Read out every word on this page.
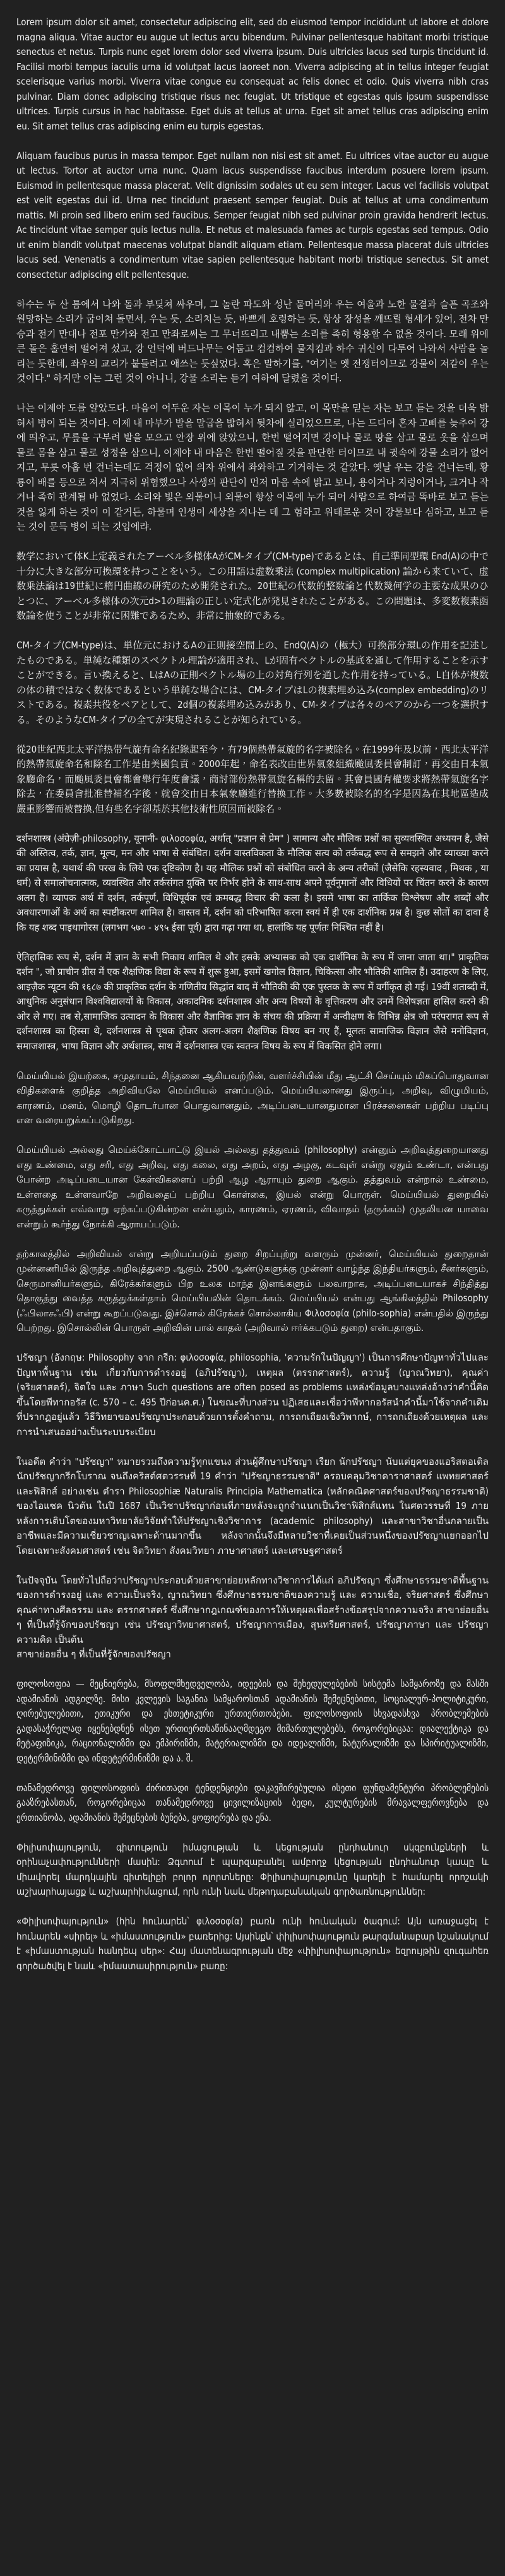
Lorem ipsum dolor sit amet, consectetur adipiscing elit, sed do eiusmod tempor incididunt ut labore et dolore magna aliqua. Vitae auctor eu augue ut lectus arcu bibendum. Pulvinar pellentesque habitant morbi tristique senectus et netus. Turpis nunc eget lorem dolor sed viverra ipsum. Duis ultricies lacus sed turpis tincidunt id. Facilisi morbi tempus iaculis urna id volutpat lacus laoreet non. Viverra adipiscing at in tellus integer feugiat scelerisque varius morbi. Viverra vitae congue eu consequat ac felis donec et odio. Quis viverra nibh cras pulvinar. Diam donec adipiscing tristique risus nec feugiat. Ut tristique et egestas quis ipsum suspendisse ultrices. Turpis cursus in hac habitasse. Eget duis at tellus at urna. Eget sit amet tellus cras adipiscing enim eu. Sit amet tellus cras adipiscing enim eu turpis egestas.

Aliquam faucibus purus in massa tempor. Eget nullam non nisi est sit amet. Eu ultrices vitae auctor eu augue ut lectus. Tortor at auctor urna nunc. Quam lacus suspendisse faucibus interdum posuere lorem ipsum. Euismod in pellentesque massa placerat. Velit dignissim sodales ut eu sem integer. Lacus vel facilisis volutpat est velit egestas dui id. Urna nec tincidunt praesent semper feugiat. Duis at tellus at urna condimentum mattis. Mi proin sed libero enim sed faucibus. Semper feugiat nibh sed pulvinar proin gravida hendrerit lectus. Ac tincidunt vitae semper quis lectus nulla. Et netus et malesuada fames ac turpis egestas sed tempus. Odio ut enim blandit volutpat maecenas volutpat blandit aliquam etiam. Pellentesque massa placerat duis ultricies lacus sed. Venenatis a condimentum vitae sapien pellentesque habitant morbi tristique senectus. Sit amet consectetur adipiscing elit pellentesque.

하수는 두 산 틈에서 나와 돌과 부딪쳐 싸우며, 그 놀란 파도와 성난 물머리와 우는 여울과 노한 물결과 슬픈 곡조와 원망하는 소리가 굽이쳐 돌면서, 우는 듯, 소리치는 듯, 바쁘게 호령하는 듯, 항상 장성을 깨뜨릴 형세가 있어, 전차 만승과 전기 만대나 전포 만가와 전고 만좌로써는 그 무너뜨리고 내뿜는 소리를 족히 형용할 수 없을 것이다. 모래 위에 큰 돌은 홀연히 떨어져 섰고, 강 언덕에 버드나무는 어둡고 컴컴하여 물지킴과 하수 귀신이 다투어 나와서 사람을 놀리는 듯한데, 좌우의 교리가 붙들려고 애쓰는 듯싶었다. 혹은 말하기를, "여기는 옛 전쟁터이므로 강물이 저같이 우는 것이다." 하지만 이는 그런 것이 아니니, 강물 소리는 듣기 여하에 달렸을 것이다.

나는 이제야 도를 알았도다. 마음이 어두운 자는 이목이 누가 되지 않고, 이 목만을 믿는 자는 보고 듣는 것을 더욱 밝혀서 병이 되는 것이다. 이제 내 마부가 발을 말굽을 밟혀서 뒷차에 실리었으므로, 나는 드디어 혼자 고삐를 늦추어 강에 띄우고, 무릎을 구부려 발을 모으고 안장 위에 앉았으니, 한번 떨어지면 강이나 물로 땅을 삼고 물로 옷을 삼으며 물로 몸을 삼고 물로 성정을 삼으니, 이제야 내 마음은 한번 떨어질 것을 판단한 터이므로 내 귓속에 강물 소리가 없어지고, 무릇 아홉 번 건너는데도 걱정이 없어 의자 위에서 좌와하고 기거하는 것 같았다. 옛날 우는 강을 건너는데, 황룡이 배를 등으로 져서 지극히 위험했으나 사생의 판단이 먼저 마음 속에 밝고 보니, 용이거나 지렁이거나, 크거나 작거나 족히 관계될 바 없었다. 소리와 빛은 외물이니 외물이 항상 이목에 누가 되어 사람으로 하여금 똑바로 보고 듣는 것을 잃게 하는 것이 이 같거든, 하물며 인생이 세상을 지나는 데 그 험하고 위태로운 것이 강물보다 심하고, 보고 듣는 것이 문득 병이 되는 것임에랴.

数学において体K上定義されたアーベル多様体AがCM-タイプ(CM-type)であるとは、自己準同型環 End(A)の中で十分に大きな部分可換環を持つことをいう。この用語は虚数乗法 (complex multiplication) 論から来ていて、虚数乗法論は19世紀に楕円曲線の研究のため開発された。20世紀の代数的整数論と代数幾何学の主要な成果のひとつに、アーベル多様体の次元d>1の理論の正しい定式化が発見されたことがある。この問題は、多変数複素函数論を使うことが非常に困難であるため、非常に抽象的である。

CM-タイプ(CM-type)は、単位元におけるAの正則接空間上の、EndQ(A)の（極大）可換部分環Lの作用を記述したものである。単純な種類のスペクトル理論が適用され、Lが固有ベクトルの基底を通して作用することを示すことができる。言い換えると、LはAの正則ベクトル場の上の対角行列を通した作用を持っている。L自体が複数の体の積ではなく数体であるという単純な場合には、CM-タイプはLの複素埋め込み(complex embedding)のリストである。複素共役をペアとして、2d個の複素埋め込みがあり、CM-タイプは各々のペアのから一つを選択する。そのようなCM-タイプの全てが実現されることが知られている。

從20世紀西北太平洋热带气旋有命名紀錄起至今，有79個熱帶氣旋的名字被除名。在1999年及以前，西北太平洋的熱帶氣旋命名和除名工作是由美國負責。2000年起，命名表改由世界氣象組織颱風委員會制訂，再交由日本氣象廳命名，而颱風委員會都會舉行年度會議，商討部份熱帶氣旋名稱的去留。其會員國有權要求將熱帶氣旋名字除去，在委員會批准替補名字後，就會交由日本氣象廳進行替換工作。大多數被除名的名字是因為在其地區造成嚴重影響而被替換,但有些名字卻基於其他技術性原因而被除名。

दर्शनशास्त्र (अंग्रेज़ी-philosophy, यूनानी- φιλοσοφία, अर्थात् "प्रज्ञान से प्रेम" ) सामान्य और मौलिक प्रश्नों का सुव्यवस्थित अध्ययन है, जैसे की अस्तित्व, तर्क, ज्ञान, मूल्य, मन और भाषा से संबंधित। दर्शन वास्तविकता के मौलिक सत्य को तर्कबद्ध रूप से समझने और व्याख्या करने का प्रयास है, यथार्थ की परख के लिये एक दृष्टिकोण है। यह मौलिक प्रश्नों को संबोधित करने के अन्य तरीकों (जैसेकि रहस्यवाद , मिथक , या धर्म) से समालोचनात्मक, व्यवस्थित और तर्कसंगत युक्ति पर निर्भर होने के साथ-साथ अपने पूर्वनुमानों और विधियों पर चिंतन करने के कारण अलग है। व्यापक अर्थ में दर्शन, तर्कपूर्ण, विधिपूर्वक एवं क्रमबद्ध विचार की कला है। इसमें भाषा का तार्किक विश्लेषण और शब्दों और अवधारणाओं के अर्थ का स्पष्टीकरण शामिल है। वास्तव में, दर्शन को परिभाषित करना स्वयं में ही एक दार्शनिक प्रश्न है। कुछ सोतों का दावा है कि यह शब्द पाइथागोरस (लगभग ५७० - ४९५ ईसा पूर्व) द्वारा गढ़ा गया था, हालांकि यह पूर्णतः निश्चित नहीं है।

ऐतिहासिक रूप से, दर्शन में ज्ञान के सभी निकाय शामिल थे और इसके अभ्यासक को एक दार्शनिक के रूप में जाना जाता था।" प्राकृतिक दर्शन ", जो प्राचीन ग्रीस में एक शैक्षणिक विद्या के रूप में शुरू हुआ, इसमें खगोल विज्ञान, चिकित्सा और भौतिकी शामिल हैं। उदाहरण के लिए, आइज़ैक न्यूटन की १६८७ की प्राकृतिक दर्शन के गणितीय सिद्धांत बाद में भौतिकी की एक पुस्तक के रूप में वर्गीकृत हो गई। 19वीं शताब्दी में, आधुनिक अनुसंधान विश्वविद्यालयों के विकास, अकादमिक दर्शनशास्त्र और अन्य विषयों के वृत्तिकरण और उनमें विशेषज्ञता हासिल करने की ओर ले गए। तब से,सामाजिक उत्पादन के विकास और वैज्ञानिक ज्ञान के संचय की प्रक्रिया में अन्वीक्षण के विभिन्न क्षेत्र जो परंपरागत रूप से दर्शनशास्त्र का हिस्सा थे, दर्शनशास्त्र से पृथक होकर अलग-अलग शैक्षणिक विषय बन गए हैं, मूलतः सामाजिक विज्ञान जैसे मनोविज्ञान, समाजशास्त्र, भाषा विज्ञान और अर्थशास्त्र, साथ में दर्शनशास्त्र एक स्वतन्त्र विषय के रूप में विकसित होने लगा।

மெய்யியல் இயற்கை, சமுதாயம், சிந்தனை ஆகியவற்றின், வளர்ச்சியின் மீது ஆட்சி செய்யும் மிகப்பொதுவான விதிகளைக் குறித்த அறிவியலே மெய்யியல் எனப்படும். மெய்யியலானது இருப்பு, அறிவு, விழுமியம், காரணம், மனம், மொழி தொடர்பான பொதுவானதும், அடிப்படையானதுமான பிரச்சனைகள் பற்றிய படிப்பு என வரையறுக்கப்படுகிறது.

மெய்யியல் அல்லது மெய்க்கோட்பாட்டு இயல் அல்லது தத்துவம் (philosophy) என்னும் அறிவுத்துறையானது எது உண்மை, எது சரி, எது அறிவு, எது கலை, எது அறம், எது அழகு, கடவுள் என்று ஏதும் உண்டா, என்பது போன்ற அடிப்படையான கேள்விகளைப் பற்றி ஆழ ஆராயும் துறை ஆகும். தத்துவம் என்றால் உண்மை, உள்ளதை உள்ளவாறே அறிவதைப் பற்றிய கொள்கை, இயல் என்று பொருள். மெய்யியல் துறையில் கருத்துக்கள் எவ்வாறு ஏற்கப்படுகின்றன என்பதும், காரணம், ஏரணம், விவாதம் (தருக்கம்) முதலியன யாவை என்றும் கூர்ந்து நோக்கி ஆராயப்படும்.

தற்காலத்தில் அறிவியல் என்று அறியப்படும் துறை சிறப்புற்று வளரும் முன்னர், மெய்யியல் துறைதான் முன்னணியில் இருந்த அறிவுத்துறை ஆகும். 2500 ஆண்டுகளுக்கு முன்னர் வாழ்ந்த இந்தியர்களும், சீனர்களும், செருமானியர்களும், கிரேக்கர்களும் பிற உலக மாந்த இனங்களும் பலவாறாக, அடிப்படையாகச் சிந்தித்து தொகுத்து வைத்த கருத்துக்கள்தாம் மெய்யியலின் தொடக்கம். மெய்யியல் என்பது ஆங்கிலத்தில் Philosophy (ஃபிலாசஃபி) என்று கூறப்படுவது. இச்சொல் கிரேக்கச் சொல்லாகிய Φιλοσοφία (philo-sophia) என்பதில் இருந்து பெற்றது. இசொல்லின் பொருள் அறிவின் பால் காதல் (அறிவால் ஈர்க்கபடும் துறை) என்பதாகும்.

ปรัชญา (อังกฤษ: Philosophy จาก กรีก: φιλοσοφία, philosophia, 'ความรักในปัญญา') เป็นการศึกษาปัญหาทั่วไปและปัญหาพื้นฐาน เช่น เกี่ยวกับการดำรงอยู่ (อภิปรัชญา), เหตุผล (ตรรกศาสตร์), ความรู้ (ญาณวิทยา), คุณค่า (จริยศาสตร์), จิตใจ และ ภาษา Such questions are often posed as problems แหล่งข้อมูลบางแหล่งอ้างว่าคำนี้คิดขึ้นโดยพีทากอรัส (c. 570 – c. 495 ปีก่อนค.ศ.) ในขณะที่บางส่วน ปฏิเสธและเชื่อว่าพีทากอรัสนำคำนี้มาใช้จากคำเดิมที่ปรากฏอยู่แล้ว วิธีวิทยาของปรัชญาประกอบด้วยการตั้งคำถาม, การถกเถียงเชิงวิพากษ์, การถกเถียงด้วยเหตุผล และการนำเสนออย่างเป็นระบบระเบียบ

ในอดีต คำว่า "ปรัชญา" หมายรวมถึงความรู้ทุกแขนง ส่วนผู้ศึกษาปรัชญา เรียก นักปรัชญา นับแต่ยุคของแอริสตอเติล นักปรัชญากรีกโบราณ จนถึงคริสต์ศตวรรษที่ 19 คำว่า "ปรัชญาธรรมชาติ" ครอบคลุมวิชาดาราศาสตร์ แพทยศาสตร์และฟิสิกส์ อย่างเช่น ตำรา Philosophiæ Naturalis Principia Mathematica (หลักคณิตศาสตร์ของปรัชญาธรรมชาติ) ของไอแซค นิวตัน ในปี 1687 เป็นวิชาปรัชญาก่อนที่ภายหลังจะถูกจำแนกเป็นวิชาฟิสิกส์แทน ในศตวรรษที่ 19 ภายหลังการเติบโตของมหาวิทยาลัยวิจัยทำให้ปรัชญาเชิงวิชาการ (academic philosophy) และสาขาวิชาอื่นกลายเป็นอาชีพและมีความเชี่ยวชาญเฉพาะด้านมากขึ้น หลังจากนั้นจึงมีหลายวิชาที่เคยเป็นส่วนหนึ่งของปรัชญาแยกออกไป โดยเฉพาะสังคมศาสตร์ เช่น จิตวิทยา สังคมวิทยา ภาษาศาสตร์ และเศรษฐศาสตร์

ในปัจจุบัน โดยทั่วไปถือว่าปรัชญาประกอบด้วยสาขาย่อยหลักทางวิชาการได้แก่ อภิปรัชญา ซึ่งศึกษาธรรมชาติพื้นฐานของการดำรงอยู่ และ ความเป็นจริง, ญาณวิทยา ซึ่งศึกษาธรรมชาติของความรู้ และ ความเชื่อ, จริยศาสตร์ ซึ่งศึกษาคุณค่าทางศีลธรรม และ ตรรกศาสตร์ ซึ่งศึกษากฎเกณฑ์ของการให้เหตุผลเพื่อสร้างข้อสรุปจากความจริง สาขาย่อยอื่น ๆ ที่เป็นที่รู้จักของปรัชญา เช่น ปรัชญาวิทยาศาสตร์, ปรัชญาการเมือง, สุนทรียศาสตร์, ปรัชญาภาษา และ ปรัชญาความคิด เป็นต้น

สาขาย่อยอื่น ๆ ที่เป็นที่รู้จักของปรัชญา

ფილოსოფია — მეცნიერება, მსოფლმხედველობა, იდეების და შეხედულებების სისტემა სამყაროზე და მასში ადამიანის ადგილზე. მისი კვლევის საგანია სამყაროსთან ადამიანის შემეცნებითი, სოციალურ-პოლიტიკური, ღირებულებითი, ეთიკური და ესთეტიკური ურთიერთობები. ფილოსოფიის სხვადასხვა პრობლემების გადასაჭრელად იყენებდნენ ისეთ ურთიერთსაწინააღმდეგო მიმართულებებს, როგორებიცაა: დიალექტიკა და მეტაფიზიკა, რაციონალიზმი და ემპირიზმი, მატერიალიზმი და იდეალიზმი, ნატურალიზმი და სპირიტუალიზმი, დეტერმინიზმი და ინდეტერმინიზმი და ა. შ.

თანამედროვე ფილოსოფიის ძირითადი ტენდენციები დაკავშირებულია ისეთი ფუნდამენტური პრობლემების გააზრებასთან, როგორებიცაა თანამედროვე ცივილიზაციის ბედი, კულტურების მრავალფეროვნება და ერთიანობა, ადამიანის შემეცნების ბუნება, ყოფიერება და ენა.

Փիլիսոփայություն, գիտություն իմացության և կեցության ընդհանուր սկզբունքների և օրինաչափությունների մասին: Ձգտում է պարզաբանել ամբողջ կեցության ընդհանուր կապը և միավորել մարդկային գիտելիքի բոլոր ոլորտները: Փիլիսոփայությունը կարելի է համարել որոշակի աշխարհայացք և աշխարհիմացում, որն ունի նաև մեթոդաբանական գործառնություններ:

«Փիլիսոփայություն» (հին հունարեն՝ φιλοσοφία) բառն ունի հունական ծագում: Այն առաջացել է հունարեն «սիրել» և «իմաստություն» բառերից: Այսինքն՝ փիլիսոփայություն թարգմանաբար նշանակում է «իմաստության հանդեպ սեր»: Հայ մատենագրության մեջ «փիլիսոփայություն» եզրույթին զուգահեռ գործածվել է նաև «իմաստասիրություն» բառը:
